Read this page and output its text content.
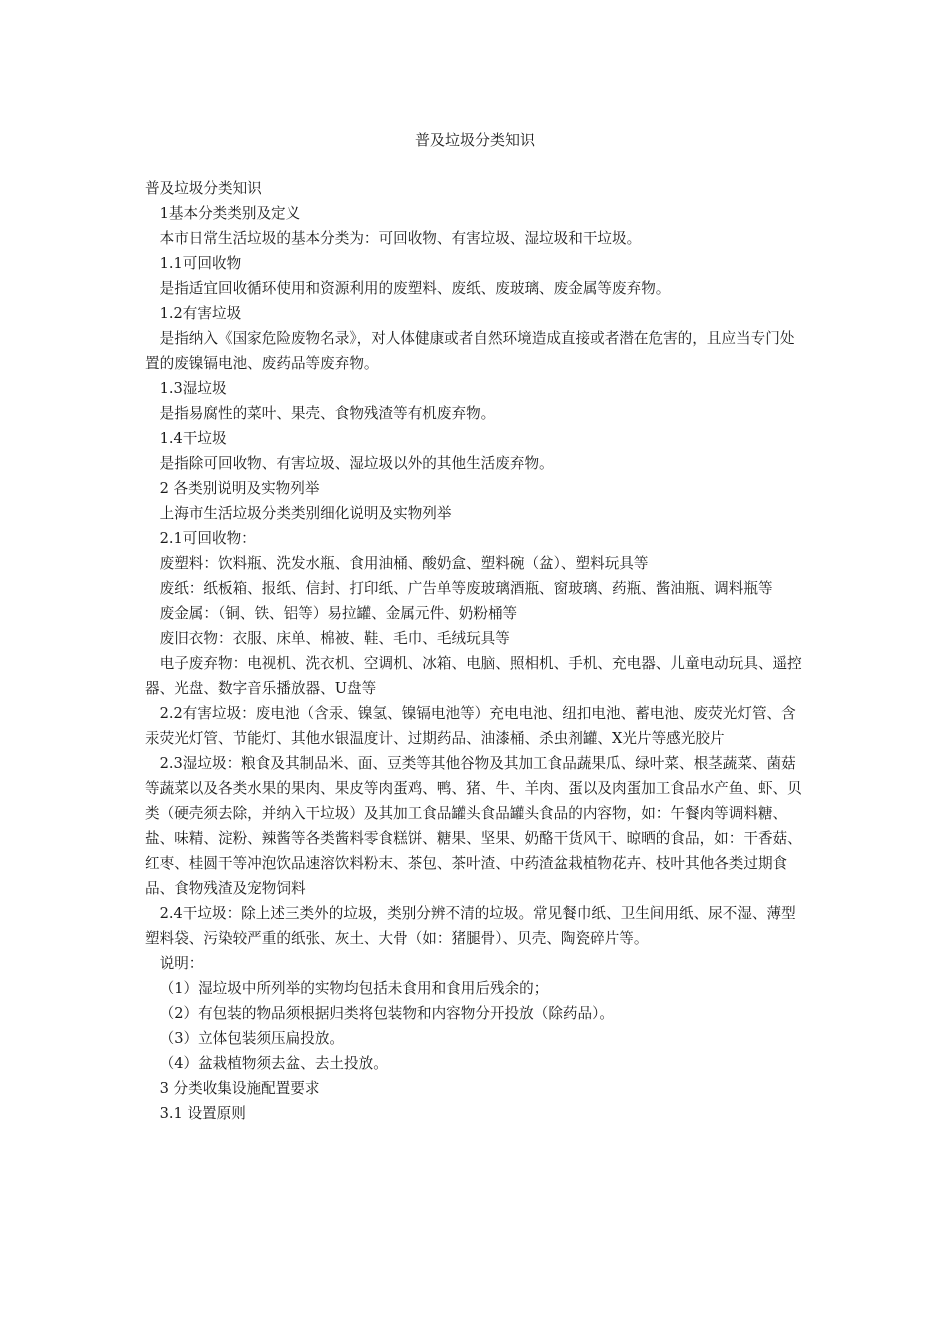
普及垃圾分类知识

普及垃圾分类知识

1基本分类类别及定义

本市日常生活垃圾的基本分类为：可回收物、有害垃圾、湿垃圾和干垃圾。

1.1可回收物

是指适宜回收循环使用和资源利用的废塑料、废纸、废玻璃、废金属等废弃物。

1.2有害垃圾

是指纳入《国家危险废物名录》，对人体健康或者自然环境造成直接或者潜在危害的，且应当专门处置的废镍镉电池、废药品等废弃物。

1.3湿垃圾

是指易腐性的菜叶、果壳、食物残渣等有机废弃物。

1.4干垃圾

是指除可回收物、有害垃圾、湿垃圾以外的其他生活废弃物。

2 各类别说明及实物列举

上海市生活垃圾分类类别细化说明及实物列举

2.1可回收物：

废塑料：饮料瓶、洗发水瓶、食用油桶、酸奶盒、塑料碗（盆）、塑料玩具等

废纸：纸板箱、报纸、信封、打印纸、广告单等废玻璃酒瓶、窗玻璃、药瓶、酱油瓶、调料瓶等

废金属：（铜、铁、铝等）易拉罐、金属元件、奶粉桶等

废旧衣物：衣服、床单、棉被、鞋、毛巾、毛绒玩具等

电子废弃物：电视机、洗衣机、空调机、冰箱、电脑、照相机、手机、充电器、儿童电动玩具、遥控器、光盘、数字音乐播放器、U盘等

2.2有害垃圾：废电池（含汞、镍氢、镍镉电池等）充电电池、纽扣电池、蓄电池、废荧光灯管、含汞荧光灯管、节能灯、其他水银温度计、过期药品、油漆桶、杀虫剂罐、X光片等感光胶片

2.3湿垃圾：粮食及其制品米、面、豆类等其他谷物及其加工食品蔬果瓜、绿叶菜、根茎蔬菜、菌菇等蔬菜以及各类水果的果肉、果皮等肉蛋鸡、鸭、猪、牛、羊肉、蛋以及肉蛋加工食品水产鱼、虾、贝类（硬壳须去除，并纳入干垃圾）及其加工食品罐头食品罐头食品的内容物，如：午餐肉等调料糖、盐、味精、淀粉、辣酱等各类酱料零食糕饼、糖果、坚果、奶酪干货风干、晾晒的食品，如：干香菇、红枣、桂圆干等冲泡饮品速溶饮料粉末、茶包、茶叶渣、中药渣盆栽植物花卉、枝叶其他各类过期食品、食物残渣及宠物饲料

2.4干垃圾：除上述三类外的垃圾，类别分辨不清的垃圾。常见餐巾纸、卫生间用纸、尿不湿、薄型塑料袋、污染较严重的纸张、灰土、大骨（如：猪腿骨）、贝壳、陶瓷碎片等。

说明：

（1）湿垃圾中所列举的实物均包括未食用和食用后残余的；

（2）有包装的物品须根据归类将包装物和内容物分开投放（除药品）。

（3）立体包装须压扁投放。

（4）盆栽植物须去盆、去土投放。

3 分类收集设施配置要求

3.1 设置原则
